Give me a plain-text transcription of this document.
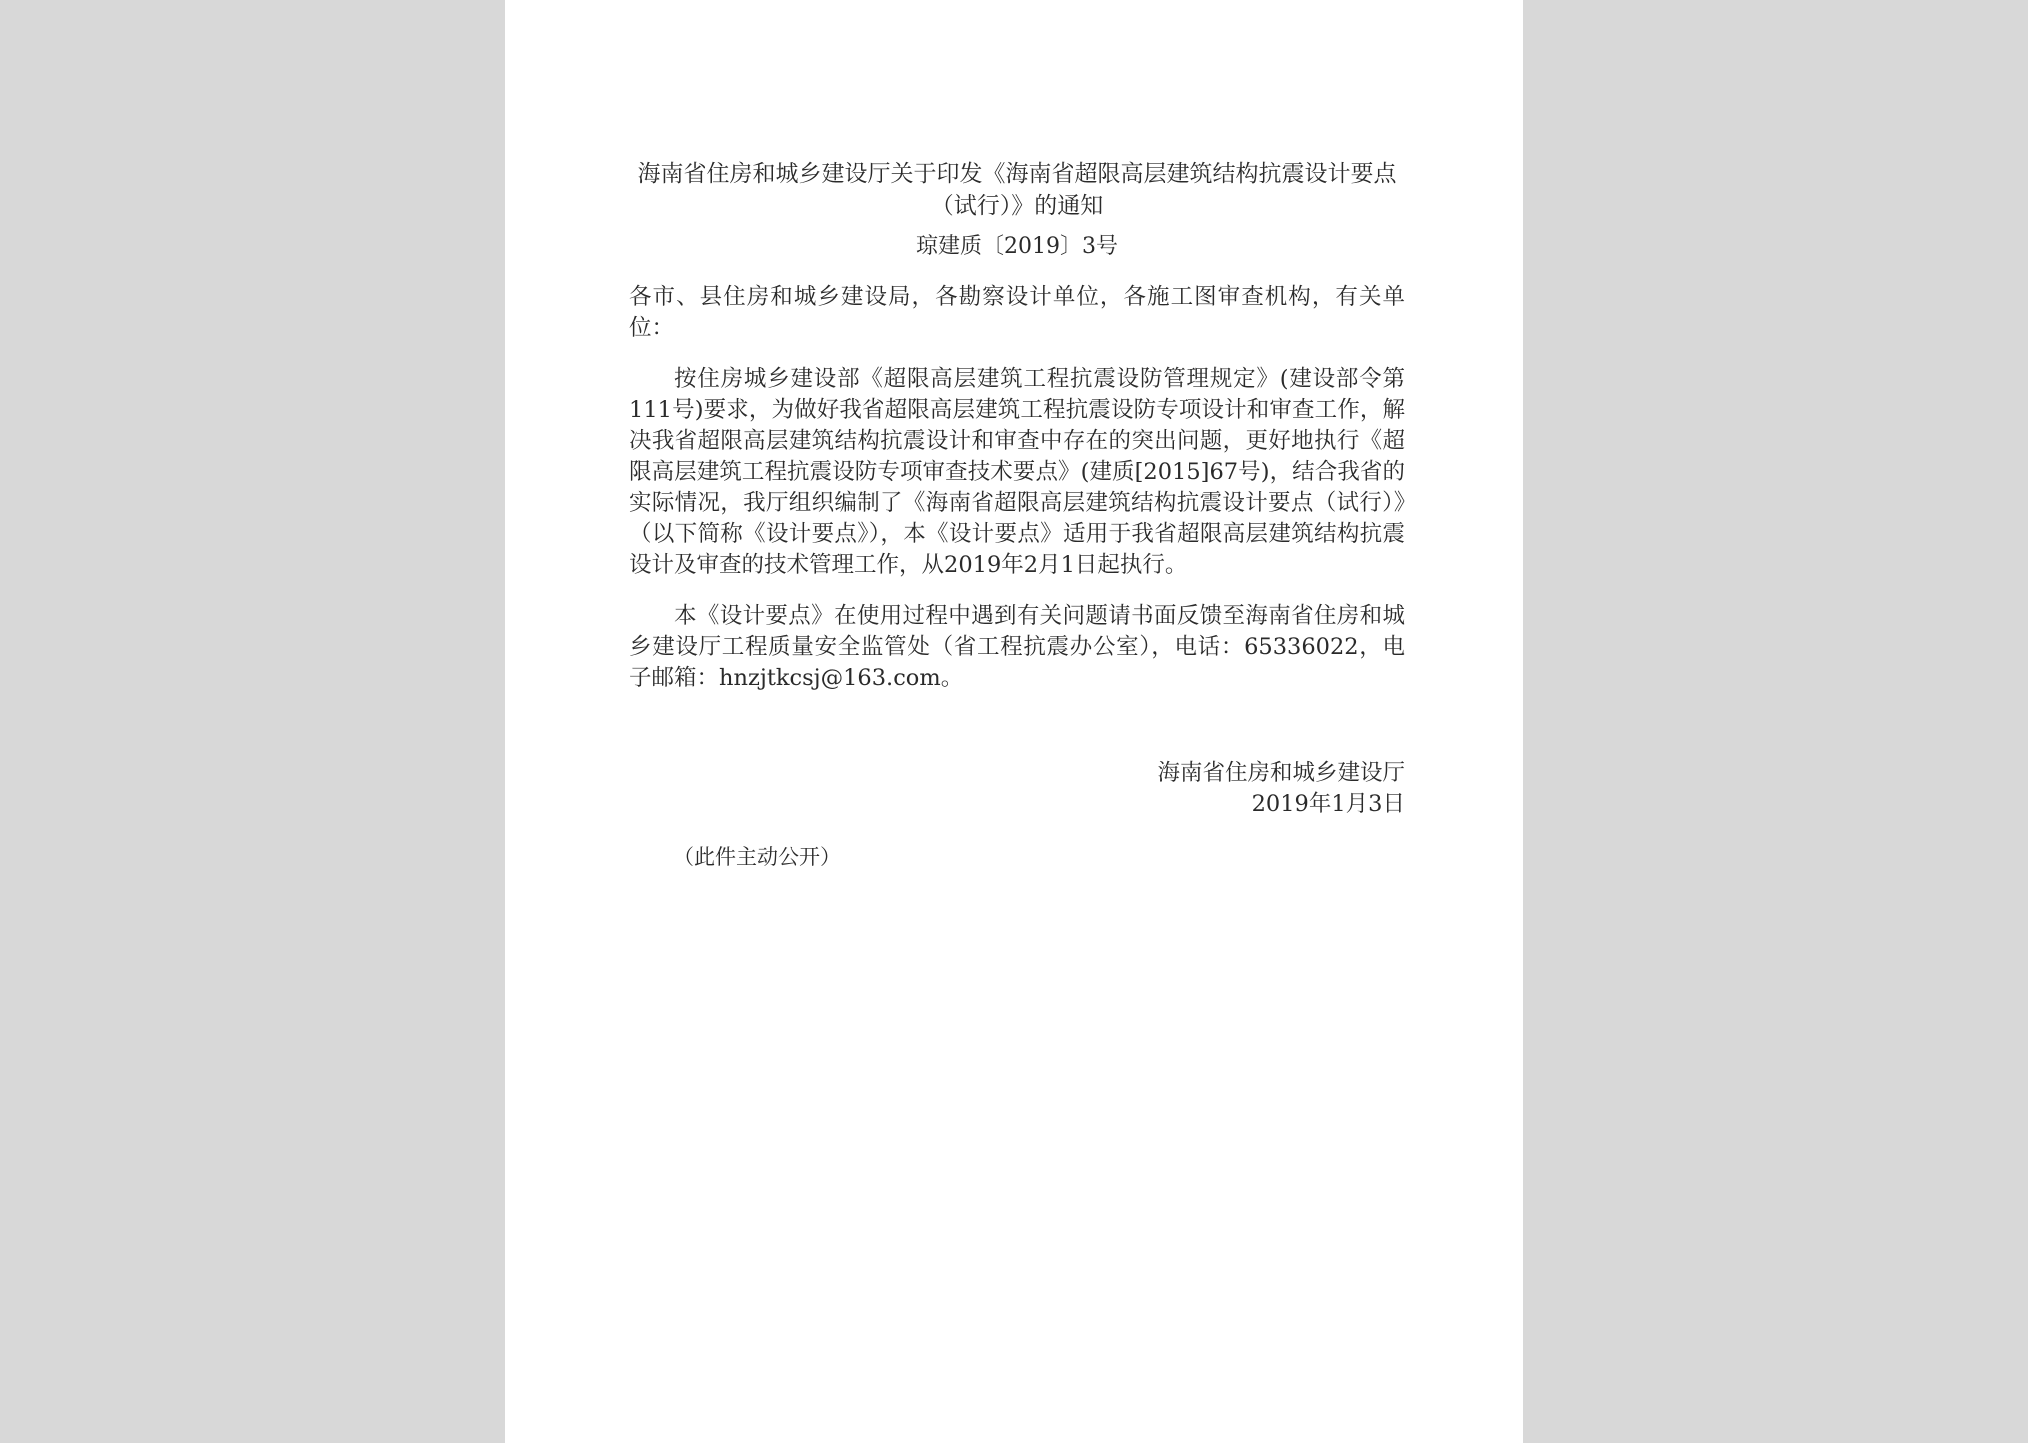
海南省住房和城乡建设厅关于印发《海南省超限高层建筑结构抗震设计要点（试行）》的通知
琼建质〔2019〕3号

各市、县住房和城乡建设局，各勘察设计单位，各施工图审查机构，有关单位：

按住房城乡建设部《超限高层建筑工程抗震设防管理规定》(建设部令第111号)要求，为做好我省超限高层建筑工程抗震设防专项设计和审查工作，解决我省超限高层建筑结构抗震设计和审查中存在的突出问题，更好地执行《超限高层建筑工程抗震设防专项审查技术要点》(建质[2015]67号)，结合我省的实际情况，我厅组织编制了《海南省超限高层建筑结构抗震设计要点（试行）》（以下简称《设计要点》），本《设计要点》适用于我省超限高层建筑结构抗震设计及审查的技术管理工作，从2019年2月1日起执行。

本《设计要点》在使用过程中遇到有关问题请书面反馈至海南省住房和城乡建设厅工程质量安全监管处（省工程抗震办公室），电话：65336022，电子邮箱：hnzjtkcsj@163.com。

海南省住房和城乡建设厅
2019年1月3日
（此件主动公开）
